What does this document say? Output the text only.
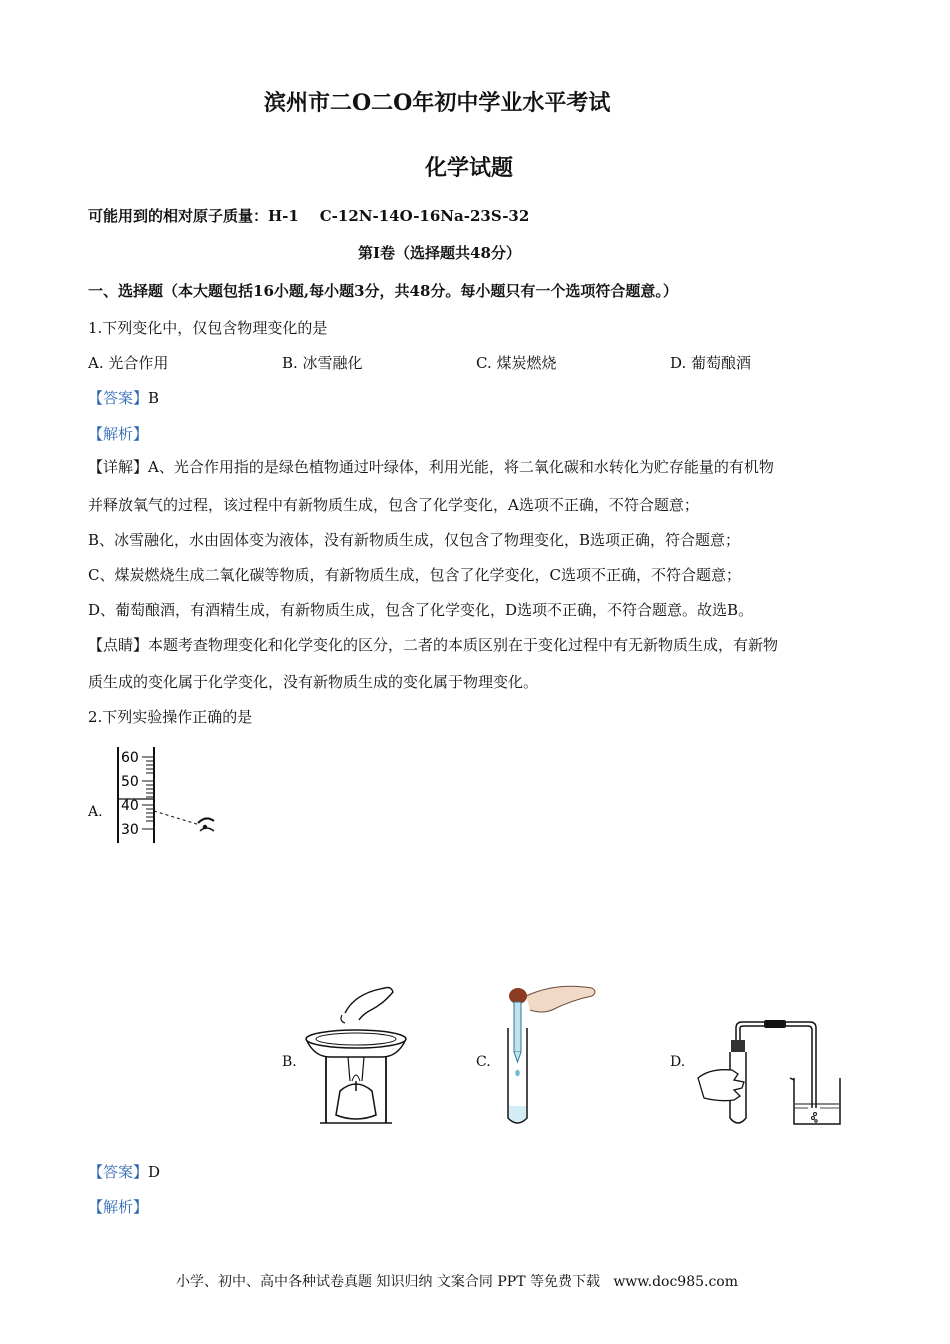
滨州市二O二O年初中学业水平考试
化学试题
可能用到的相对原子质量：H-1    C-12N-14O-16Na-23S-32
第I卷（选择题共48分）
一、选择题（本大题包括16小题,每小题3分，共48分。每小题只有一个选项符合题意。）
1.下列变化中，仅包含物理变化的是
A. 光合作用	B. 冰雪融化	C. 煤炭燃烧	D. 葡萄酿酒
【答案】B
【解析】
【详解】A、光合作用指的是绿色植物通过叶绿体，利用光能，将二氧化碳和水转化为贮存能量的有机物
并释放氧气的过程，该过程中有新物质生成，包含了化学变化，A选项不正确，不符合题意；
B、冰雪融化，水由固体变为液体，没有新物质生成，仅包含了物理变化，B选项正确，符合题意；
C、煤炭燃烧生成二氧化碳等物质，有新物质生成，包含了化学变化，C选项不正确，不符合题意；
D、葡萄酿酒，有酒精生成，有新物质生成，包含了化学变化，D选项不正确，不符合题意。故选B。
【点睛】本题考查物理变化和化学变化的区分，二者的本质区别在于变化过程中有无新物质生成，有新物
质生成的变化属于化学变化，没有新物质生成的变化属于物理变化。
2.下列实验操作正确的是
A.
60
50
40
30
B.	C.	D.
【答案】D
【解析】
小学、初中、高中各种试卷真题 知识归纳 文案合同 PPT 等免费下载   www.doc985.com
